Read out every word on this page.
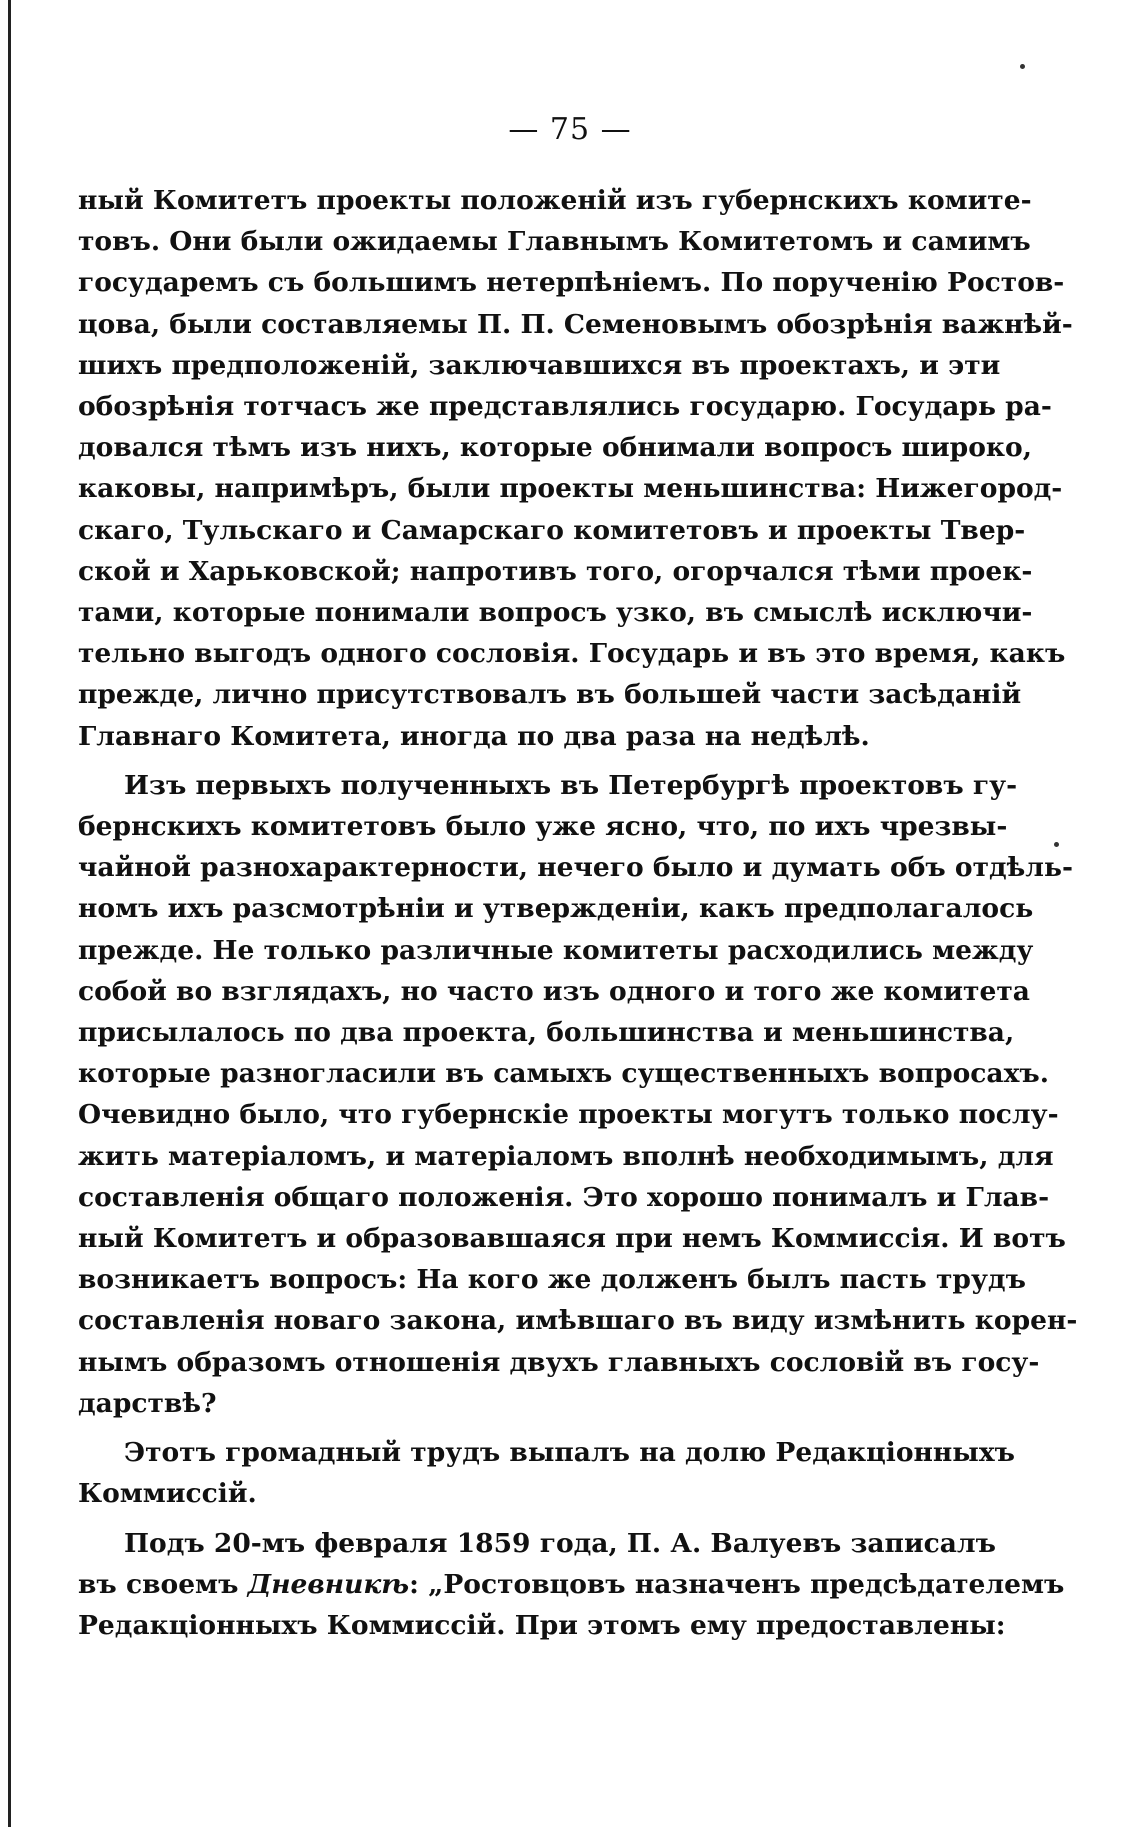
— 75 —
ный Комитетъ проекты положеній изъ губернскихъ комите-
товъ. Они были ожидаемы Главнымъ Комитетомъ и самимъ
государемъ съ большимъ нетерпѣніемъ. По порученію Ростов-
цова, были составляемы П. П. Семеновымъ обозрѣнія важнѣй-
шихъ предположеній, заключавшихся въ проектахъ, и эти
обозрѣнія тотчасъ же представлялись государю. Государь ра-
довался тѣмъ изъ нихъ, которые обнимали вопросъ широко,
каковы, напримѣръ, были проекты меньшинства: Нижегород-
скаго, Тульскаго и Самарскаго комитетовъ и проекты Твер-
ской и Харьковской; напротивъ того, огорчался тѣми проек-
тами, которые понимали вопросъ узко, въ смыслѣ исключи-
тельно выгодъ одного сословія. Государь и въ это время, какъ
прежде, лично присутствовалъ въ большей части засѣданій
Главнаго Комитета, иногда по два раза на недѣлѣ.
Изъ первыхъ полученныхъ въ Петербургѣ проектовъ гу-
бернскихъ комитетовъ было уже ясно, что, по ихъ чрезвы-
чайной разнохарактерности, нечего было и думать объ отдѣль-
номъ ихъ разсмотрѣніи и утвержденіи, какъ предполагалось
прежде. Не только различные комитеты расходились между
собой во взглядахъ, но часто изъ одного и того же комитета
присылалось по два проекта, большинства и меньшинства,
которые разногласили въ самыхъ существенныхъ вопросахъ.
Очевидно было, что губернскіе проекты могутъ только послу-
жить матеріаломъ, и матеріаломъ вполнѣ необходимымъ, для
составленія общаго положенія. Это хорошо понималъ и Глав-
ный Комитетъ и образовавшаяся при немъ Коммиссія. И вотъ
возникаетъ вопросъ: На кого же долженъ былъ пасть трудъ
составленія новаго закона, имѣвшаго въ виду измѣнить корен-
нымъ образомъ отношенія двухъ главныхъ сословій въ госу-
дарствѣ?
Этотъ громадный трудъ выпалъ на долю Редакціонныхъ
Коммиссій.
Подъ 20-мъ февраля 1859 года, П. А. Валуевъ записалъ
въ своемъ Дневникѣ: „Ростовцовъ назначенъ предсѣдателемъ
Редакціонныхъ Коммиссій. При этомъ ему предоставлены:
